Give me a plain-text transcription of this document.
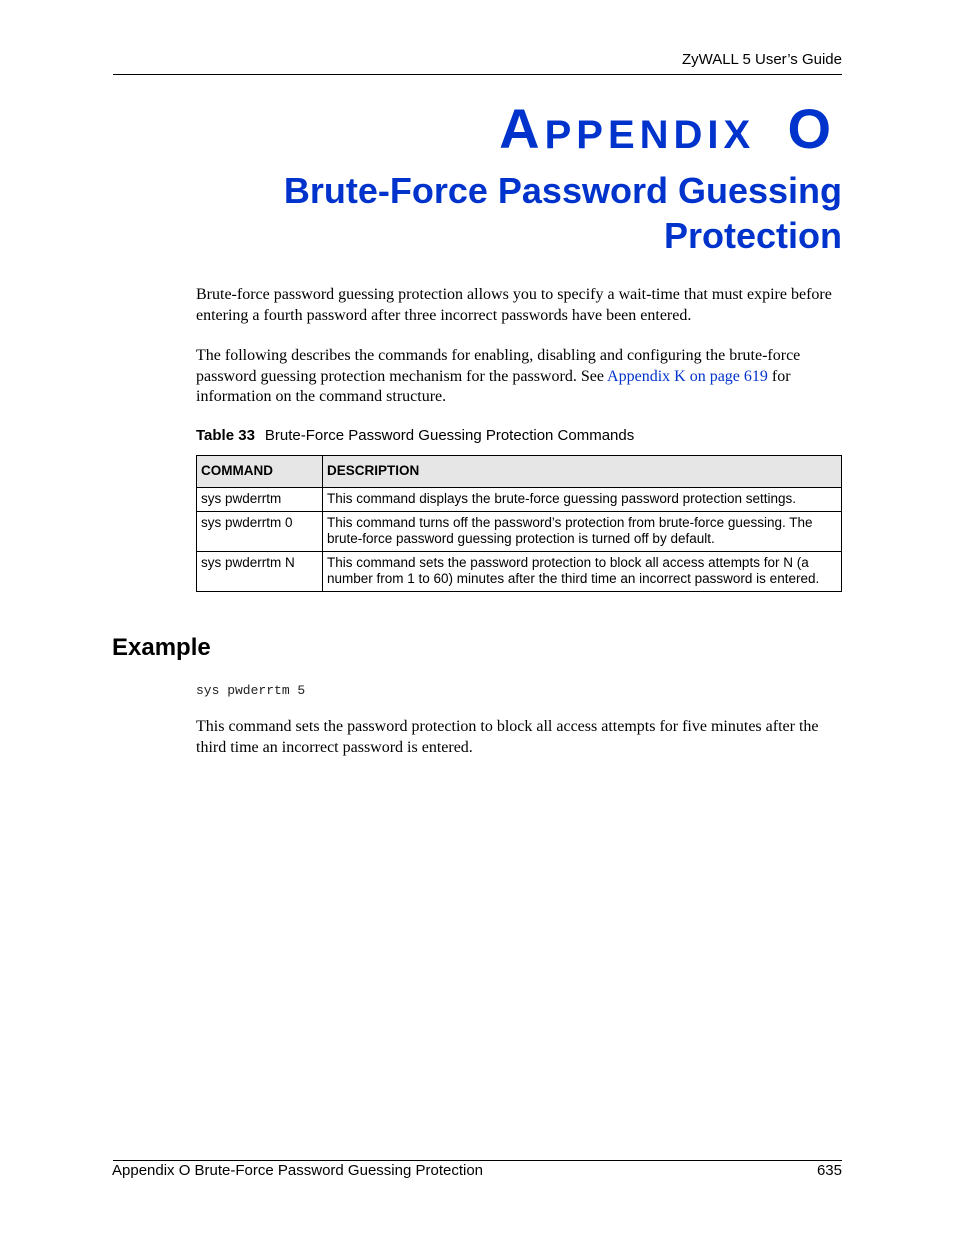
ZyWALL 5 User’s Guide
APPENDIX O
Brute-Force Password Guessing Protection
Brute-force password guessing protection allows you to specify a wait-time that must expire before entering a fourth password after three incorrect passwords have been entered.
The following describes the commands for enabling, disabling and configuring the brute-force password guessing protection mechanism for the password. See Appendix K on page 619 for information on the command structure.
Table 33 Brute-Force Password Guessing Protection Commands
COMMAND	DESCRIPTION
sys pwderrtm	This command displays the brute-force guessing password protection settings.
sys pwderrtm 0	This command turns off the password’s protection from brute-force guessing. The brute-force password guessing protection is turned off by default.
sys pwderrtm N	This command sets the password protection to block all access attempts for N (a number from 1 to 60) minutes after the third time an incorrect password is entered.
Example
sys pwderrtm 5
This command sets the password protection to block all access attempts for five minutes after the third time an incorrect password is entered.
Appendix O Brute-Force Password Guessing Protection	635
